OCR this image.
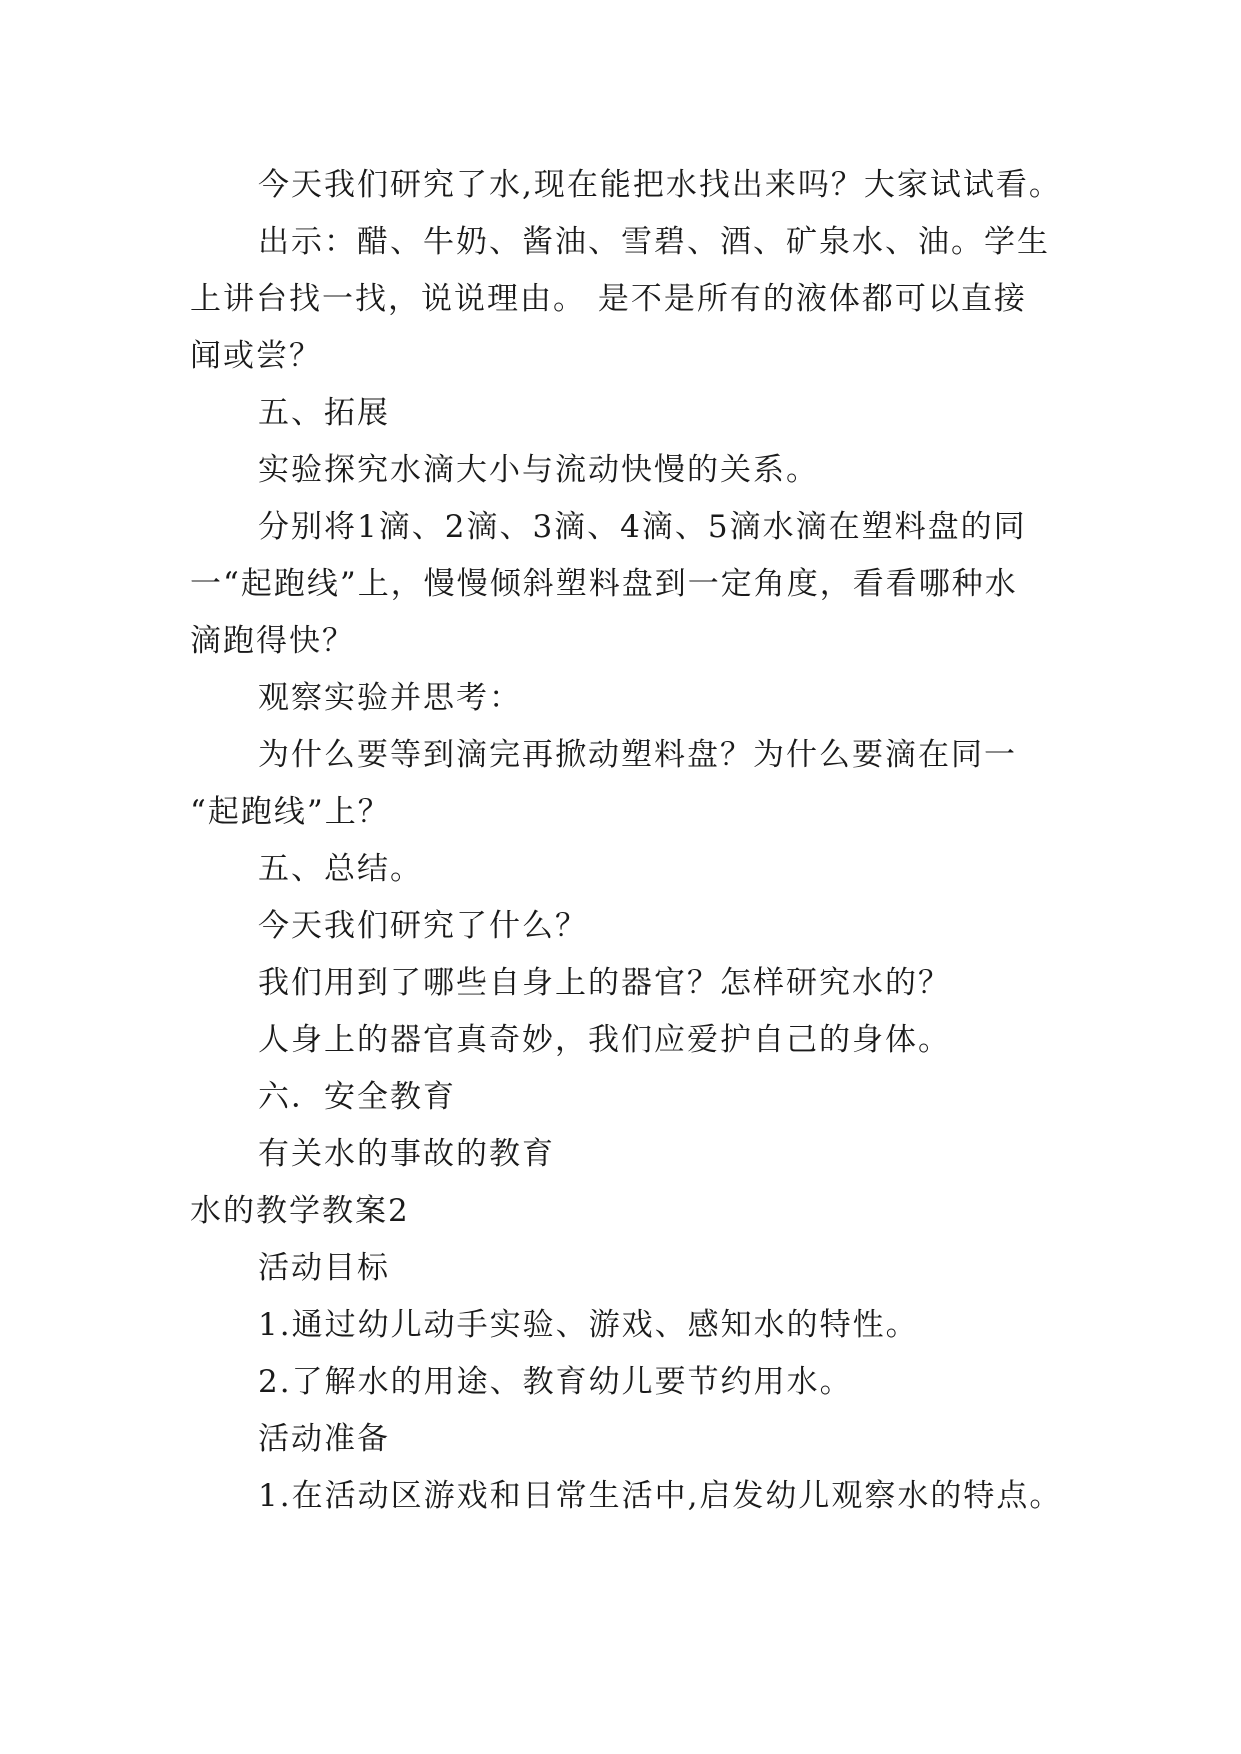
今天我们研究了水,现在能把水找出来吗？大家试试看。
出示：醋、牛奶、酱油、雪碧、酒、矿泉水、油。学生
上讲台找一找，说说理由。 是不是所有的液体都可以直接
闻或尝？
五、拓展
实验探究水滴大小与流动快慢的关系。
分别将1滴、2滴、3滴、4滴、5滴水滴在塑料盘的同
一“起跑线”上，慢慢倾斜塑料盘到一定角度，看看哪种水
滴跑得快？
观察实验并思考：
为什么要等到滴完再掀动塑料盘？为什么要滴在同一
“起跑线”上？
五、总结。
今天我们研究了什么？
我们用到了哪些自身上的器官？怎样研究水的？
人身上的器官真奇妙，我们应爱护自己的身体。
六．安全教育
有关水的事故的教育
水的教学教案2
活动目标
1.通过幼儿动手实验、游戏、感知水的特性。
2.了解水的用途、教育幼儿要节约用水。
活动准备
1.在活动区游戏和日常生活中,启发幼儿观察水的特点。
